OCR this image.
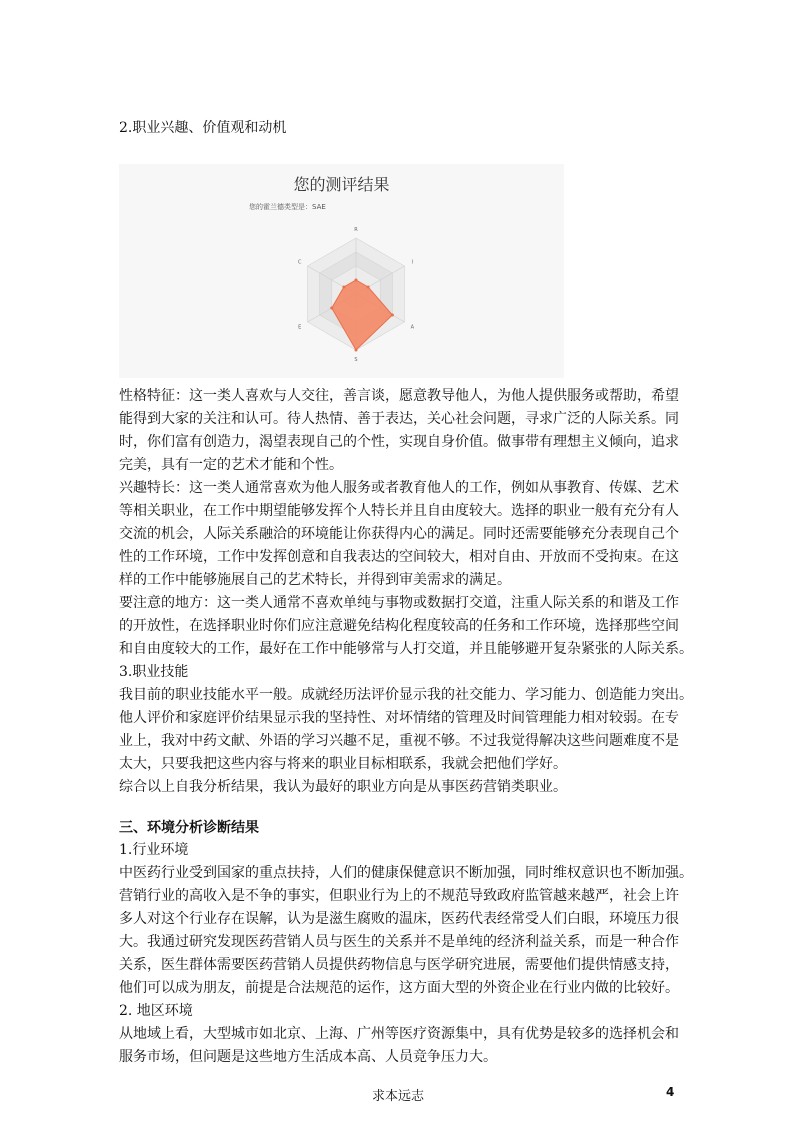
2.职业兴趣、价值观和动机
您的测评结果
您的霍兰德类型是：SAE
R
I
A
S
E
C
性格特征：这一类人喜欢与人交往，善言谈，愿意教导他人，为他人提供服务或帮助，希望
能得到大家的关注和认可。待人热情、善于表达，关心社会问题，寻求广泛的人际关系。同
时，你们富有创造力，渴望表现自己的个性，实现自身价值。做事带有理想主义倾向，追求
完美，具有一定的艺术才能和个性。
兴趣特长：这一类人通常喜欢为他人服务或者教育他人的工作，例如从事教育、传媒、艺术
等相关职业，在工作中期望能够发挥个人特长并且自由度较大。选择的职业一般有充分有人
交流的机会，人际关系融洽的环境能让你获得内心的满足。同时还需要能够充分表现自己个
性的工作环境，工作中发挥创意和自我表达的空间较大，相对自由、开放而不受拘束。在这
样的工作中能够施展自己的艺术特长，并得到审美需求的满足。
要注意的地方：这一类人通常不喜欢单纯与事物或数据打交道，注重人际关系的和谐及工作
的开放性，在选择职业时你们应注意避免结构化程度较高的任务和工作环境，选择那些空间
和自由度较大的工作，最好在工作中能够常与人打交道，并且能够避开复杂紧张的人际关系。
3.职业技能
我目前的职业技能水平一般。成就经历法评价显示我的社交能力、学习能力、创造能力突出。
他人评价和家庭评价结果显示我的坚持性、对坏情绪的管理及时间管理能力相对较弱。在专
业上，我对中药文献、外语的学习兴趣不足，重视不够。不过我觉得解决这些问题难度不是
太大，只要我把这些内容与将来的职业目标相联系，我就会把他们学好。
综合以上自我分析结果，我认为最好的职业方向是从事医药营销类职业。
三、环境分析诊断结果
1.行业环境
中医药行业受到国家的重点扶持，人们的健康保健意识不断加强，同时维权意识也不断加强。
营销行业的高收入是不争的事实，但职业行为上的不规范导致政府监管越来越严，社会上许
多人对这个行业存在误解，认为是滋生腐败的温床，医药代表经常受人们白眼，环境压力很
大。我通过研究发现医药营销人员与医生的关系并不是单纯的经济利益关系，而是一种合作
关系，医生群体需要医药营销人员提供药物信息与医学研究进展，需要他们提供情感支持，
他们可以成为朋友，前提是合法规范的运作，这方面大型的外资企业在行业内做的比较好。
2. 地区环境
从地域上看，大型城市如北京、上海、广州等医疗资源集中，具有优势是较多的选择机会和
服务市场，但问题是这些地方生活成本高、人员竞争压力大。
求本远志	4
